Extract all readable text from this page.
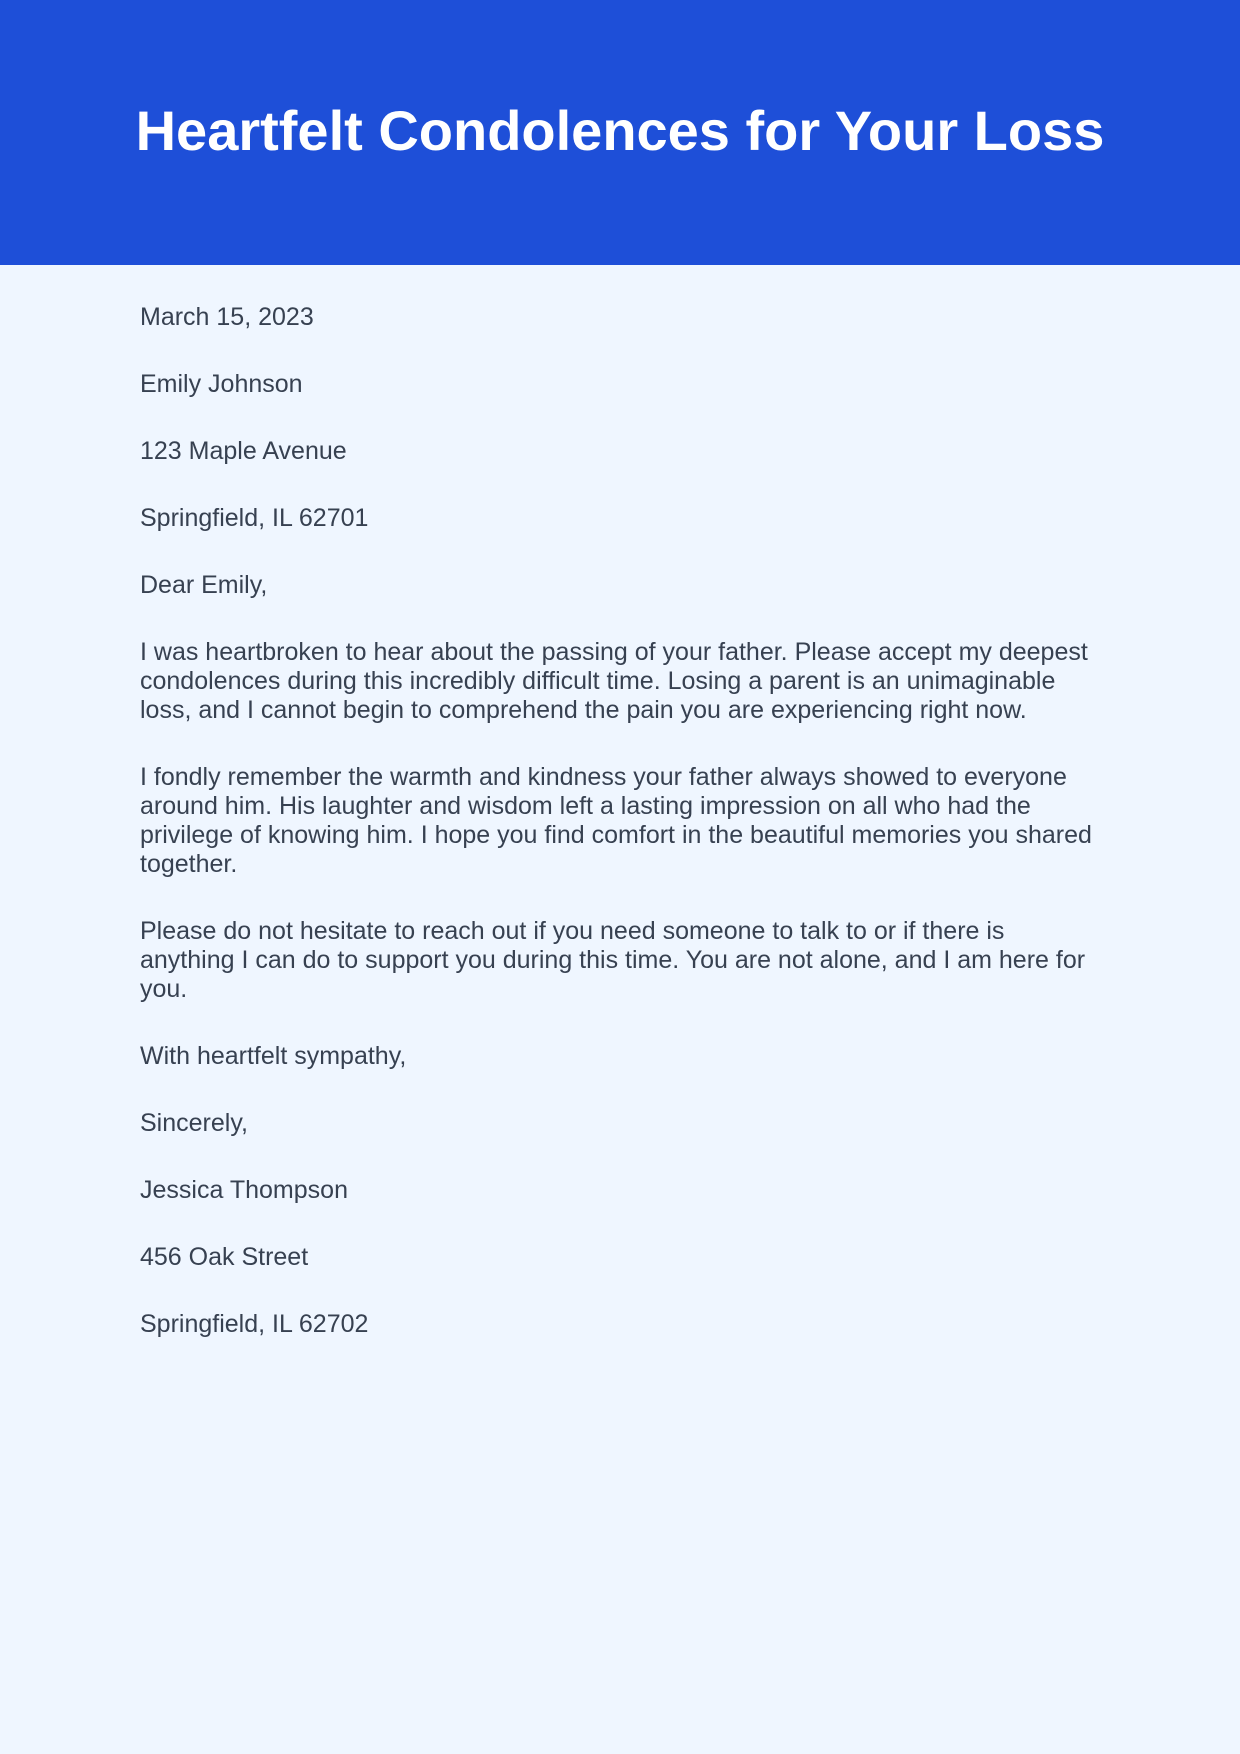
Heartfelt Condolences for Your Loss

March 15, 2023

Emily Johnson

123 Maple Avenue

Springfield, IL 62701

Dear Emily,

I was heartbroken to hear about the passing of your father. Please accept my deepest condolences during this incredibly difficult time. Losing a parent is an unimaginable loss, and I cannot begin to comprehend the pain you are experiencing right now.

I fondly remember the warmth and kindness your father always showed to everyone around him. His laughter and wisdom left a lasting impression on all who had the privilege of knowing him. I hope you find comfort in the beautiful memories you shared together.

Please do not hesitate to reach out if you need someone to talk to or if there is anything I can do to support you during this time. You are not alone, and I am here for you.

With heartfelt sympathy,

Sincerely,

Jessica Thompson

456 Oak Street

Springfield, IL 62702
